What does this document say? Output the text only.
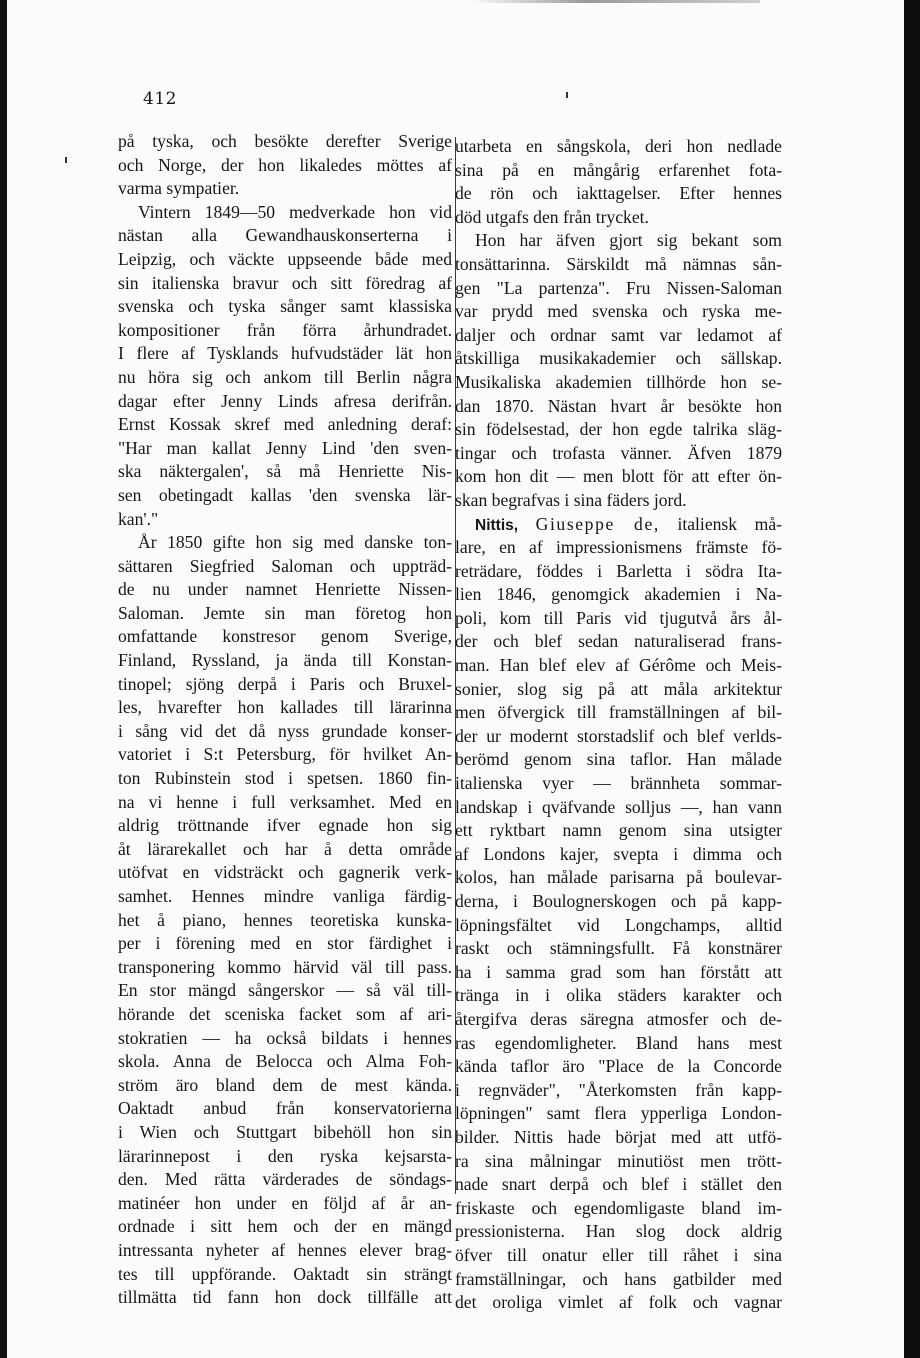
412
på tyska, och besökte derefter Sverige
och Norge, der hon likaledes möttes af
varma sympatier.
Vintern 1849—50 medverkade hon vid
nästan alla Gewandhauskonserterna i
Leipzig, och väckte uppseende både med
sin italienska bravur och sitt föredrag af
svenska och tyska sånger samt klassiska
kompositioner från förra århundradet.
I flere af Tysklands hufvudstäder lät hon
nu höra sig och ankom till Berlin några
dagar efter Jenny Linds afresa derifrån.
Ernst Kossak skref med anledning deraf:
"Har man kallat Jenny Lind 'den sven-
ska näktergalen', så må Henriette Nis-
sen obetingadt kallas 'den svenska lär-
kan'."
År 1850 gifte hon sig med danske ton-
sättaren Siegfried Saloman och uppträd-
de nu under namnet Henriette Nissen-
Saloman. Jemte sin man företog hon
omfattande konstresor genom Sverige,
Finland, Ryssland, ja ända till Konstan-
tinopel; sjöng derpå i Paris och Bruxel-
les, hvarefter hon kallades till lärarinna
i sång vid det då nyss grundade konser-
vatoriet i S:t Petersburg, för hvilket An-
ton Rubinstein stod i spetsen. 1860 fin-
na vi henne i full verksamhet. Med en
aldrig tröttnande ifver egnade hon sig
åt lärarekallet och har å detta område
utöfvat en vidsträckt och gagnerik verk-
samhet. Hennes mindre vanliga färdig-
het å piano, hennes teoretiska kunska-
per i förening med en stor färdighet i
transponering kommo härvid väl till pass.
En stor mängd sångerskor — så väl till-
hörande det sceniska facket som af ari-
stokratien — ha också bildats i hennes
skola. Anna de Belocca och Alma Foh-
ström äro bland dem de mest kända.
Oaktadt anbud från konservatorierna
i Wien och Stuttgart bibehöll hon sin
lärarinnepost i den ryska kejsarsta-
den. Med rätta värderades de söndags-
matinéer hon under en följd af år an-
ordnade i sitt hem och der en mängd
intressanta nyheter af hennes elever brag-
tes till uppförande. Oaktadt sin strängt
tillmätta tid fann hon dock tillfälle att
utarbeta en sångskola, deri hon nedlade
sina på en mångårig erfarenhet fota-
de rön och iakttagelser. Efter hennes
död utgafs den från trycket.
Hon har äfven gjort sig bekant som
tonsättarinna. Särskildt må nämnas sån-
gen "La partenza". Fru Nissen-Saloman
var prydd med svenska och ryska me-
daljer och ordnar samt var ledamot af
åtskilliga musikakademier och sällskap.
Musikaliska akademien tillhörde hon se-
dan 1870. Nästan hvart år besökte hon
sin födelsestad, der hon egde talrika släg-
tingar och trofasta vänner. Äfven 1879
kom hon dit — men blott för att efter ön-
skan begrafvas i sina fäders jord.
Nittis, Giuseppe de, italiensk må-
lare, en af impressionismens främste fö-
reträdare, föddes i Barletta i södra Ita-
lien 1846, genomgick akademien i Na-
poli, kom till Paris vid tjugutvå års ål-
der och blef sedan naturaliserad frans-
man. Han blef elev af Gérôme och Meis-
sonier, slog sig på att måla arkitektur
men öfvergick till framställningen af bil-
der ur modernt storstadslif och blef verlds-
berömd genom sina taflor. Han målade
italienska vyer — brännheta sommar-
landskap i qväfvande solljus —, han vann
ett ryktbart namn genom sina utsigter
af Londons kajer, svepta i dimma och
kolos, han målade parisarna på boulevar-
derna, i Boulognerskogen och på kapp-
löpningsfältet vid Longchamps, alltid
raskt och stämningsfullt. Få konstnärer
ha i samma grad som han förstått att
tränga in i olika städers karakter och
återgifva deras säregna atmosfer och de-
ras egendomligheter. Bland hans mest
kända taflor äro "Place de la Concorde
i regnväder", "Återkomsten från kapp-
löpningen" samt flera ypperliga London-
bilder. Nittis hade börjat med att utfö-
ra sina målningar minutiöst men trött-
nade snart derpå och blef i stället den
friskaste och egendomligaste bland im-
pressionisterna. Han slog dock aldrig
öfver till onatur eller till råhet i sina
framställningar, och hans gatbilder med
det oroliga vimlet af folk och vagnar
